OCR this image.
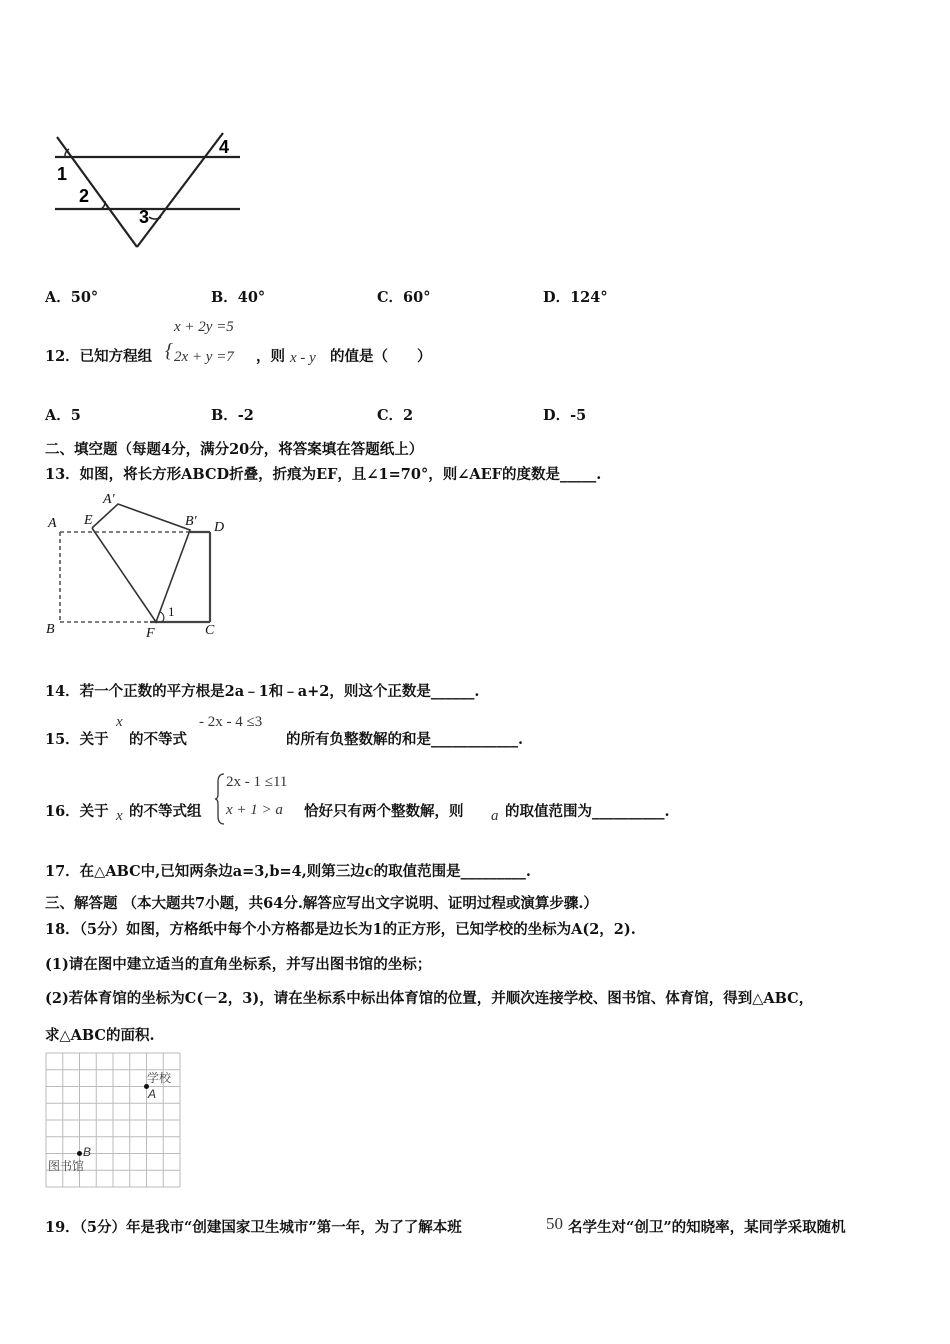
1
2
3
4
A．50°	B．40°	C．60°	D．124°
12．已知方程组 {
x + 2y =5
2x + y =7 ，则 x - y 的值是（　　）
A．5	B．-2	C．2	D．-5
二、填空题（每题4分，满分20分，将答案填在答题纸上）
13．如图，将长方形ABCD折叠，折痕为EF，且∠1=70°，则∠AEF的度数是_____.
A
A′
E	B′ D
B	F	C
1
14．若一个正数的平方根是2a﹣1和﹣a+2，则这个正数是______.
15．关于
x
的不等式
- 2x - 4 ≤3
的所有负整数解的和是____________.
16．关于 x 的不等式组
2x - 1 ≤11
x + 1 > a 恰好只有两个整数解，则 a 的取值范围为__________.
17．在△ABC中,已知两条边a=3,b=4,则第三边c的取值范围是_________.
三、解答题 （本大题共7小题，共64分.解答应写出文字说明、证明过程或演算步骤.）
18．（5分）如图，方格纸中每个小方格都是边长为1的正方形，已知学校的坐标为A(2，2).
(1)请在图中建立适当的直角坐标系，并写出图书馆的坐标；
(2)若体育馆的坐标为C(－2，3)，请在坐标系中标出体育馆的位置，并顺次连接学校、图书馆、体育馆，得到△ABC，
求△ABC的面积.
学校
A
B
图书馆
19．（5分）年是我市“创建国家卫生城市”第一年，为了了解本班	50 名学生对“创卫”的知晓率，某同学采取随机
